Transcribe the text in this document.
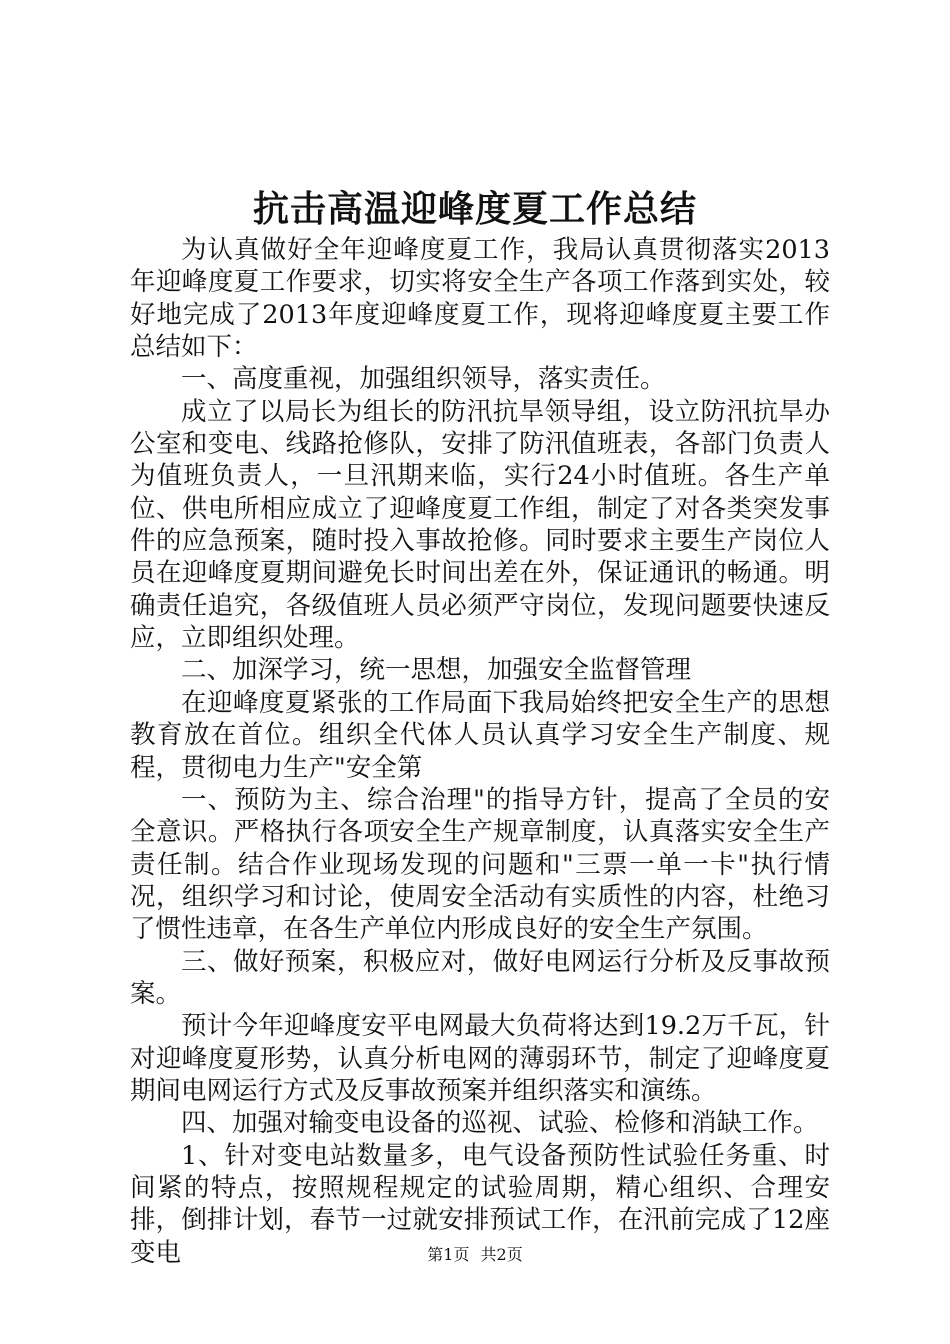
抗击高温迎峰度夏工作总结

为认真做好全年迎峰度夏工作，我局认真贯彻落实2013年迎峰度夏工作要求，切实将安全生产各项工作落到实处，较好地完成了2013年度迎峰度夏工作，现将迎峰度夏主要工作总结如下：

一、高度重视，加强组织领导，落实责任。

成立了以局长为组长的防汛抗旱领导组，设立防汛抗旱办公室和变电、线路抢修队，安排了防汛值班表，各部门负责人为值班负责人，一旦汛期来临，实行24小时值班。各生产单位、供电所相应成立了迎峰度夏工作组，制定了对各类突发事件的应急预案，随时投入事故抢修。同时要求主要生产岗位人员在迎峰度夏期间避免长时间出差在外，保证通讯的畅通。明确责任追究，各级值班人员必须严守岗位，发现问题要快速反应，立即组织处理。

二、加深学习，统一思想，加强安全监督管理

在迎峰度夏紧张的工作局面下我局始终把安全生产的思想教育放在首位。组织全代体人员认真学习安全生产制度、规程，贯彻电力生产"安全第

一、预防为主、综合治理"的指导方针，提高了全员的安全意识。严格执行各项安全生产规章制度，认真落实安全生产责任制。结合作业现场发现的问题和"三票一单一卡"执行情况，组织学习和讨论，使周安全活动有实质性的内容，杜绝习了惯性违章，在各生产单位内形成良好的安全生产氛围。

三、做好预案，积极应对，做好电网运行分析及反事故预案。

预计今年迎峰度安平电网最大负荷将达到19.2万千瓦，针对迎峰度夏形势，认真分析电网的薄弱环节，制定了迎峰度夏期间电网运行方式及反事故预案并组织落实和演练。

四、加强对输变电设备的巡视、试验、检修和消缺工作。

1、针对变电站数量多，电气设备预防性试验任务重、时间紧的特点，按照规程规定的试验周期，精心组织、合理安排，倒排计划，春节一过就安排预试工作，在汛前完成了12座变电	第1页 共2页
